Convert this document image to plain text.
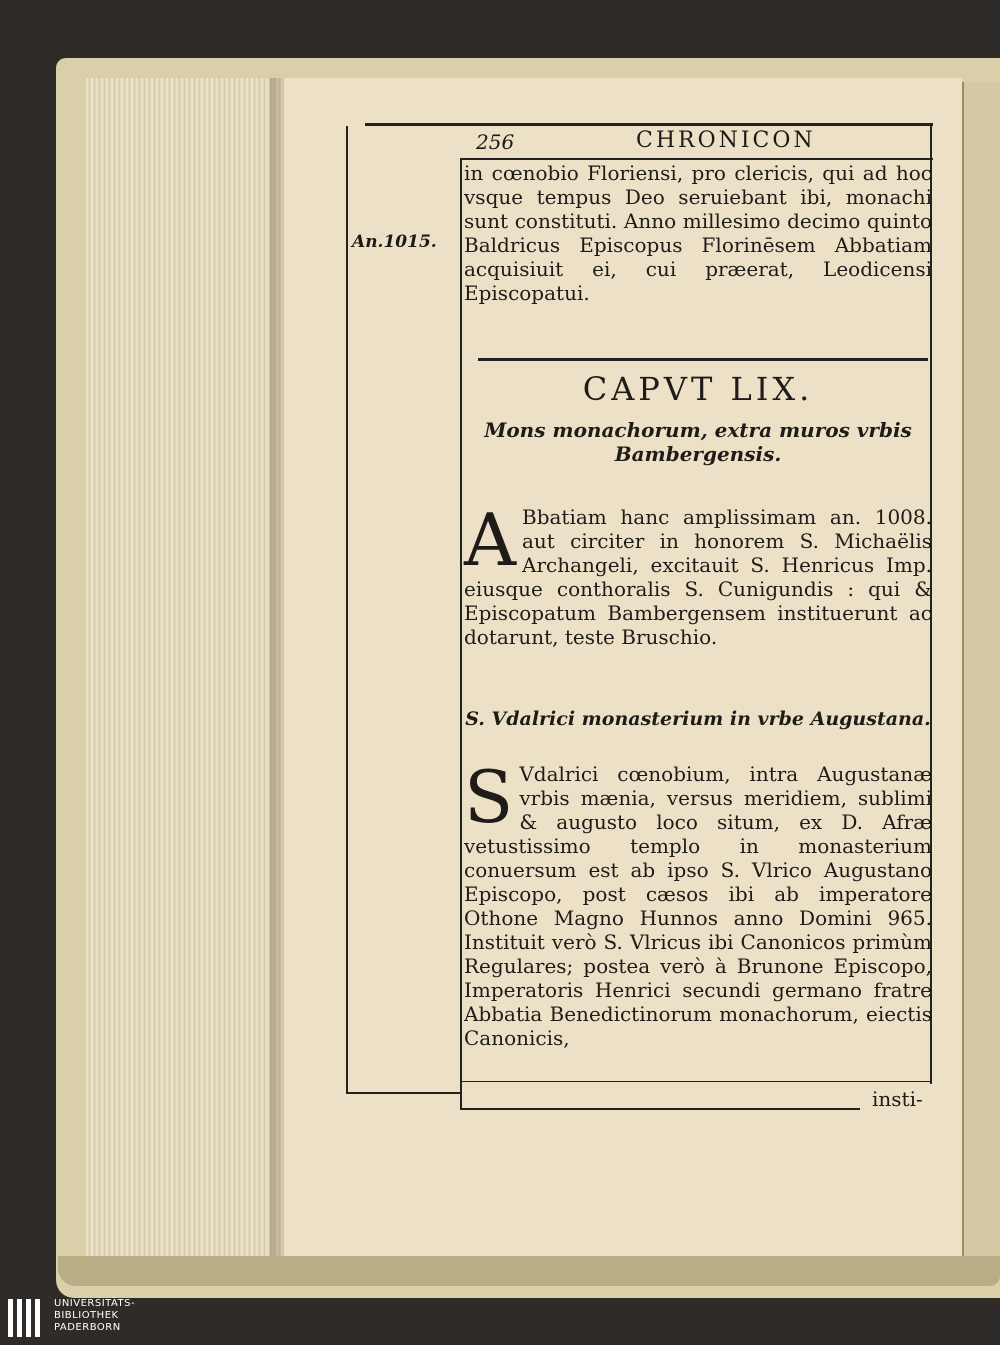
256	CHRONICON
An.1015.
in cœnobio Floriensi, pro clericis, qui ad hoc vsque tempus Deo seruiebant ibi, monachi sunt constituti. Anno millesimo decimo quinto Baldricus Episcopus Florinēsem Abbatiam acquisiuit ei, cui præerat, Leodicensi Episcopatui.
CAPVT LIX.
Mons monachorum, extra muros vrbis Bambergensis.
A Bbatiam hanc amplissimam an. 1008. aut circiter in honorem S. Michaëlis Archangeli, excitauit S. Henricus Imp. eiusque conthoralis S. Cunigundis : qui & Episcopatum Bambergensem instituerunt ac dotarunt, teste Bruschio.
S. Vdalrici monasterium in vrbe Augustana.
S Vdalrici cœnobium, intra Augustanæ vrbis mænia, versus meridiem, sublimi & augusto loco situm, ex D. Afræ vetustissimo templo in monasterium conuersum est ab ipso S. Vlrico Augustano Episcopo, post cæsos ibi ab imperatore Othone Magno Hunnos anno Domini 965. Instituit verò S. Vlricus ibi Canonicos primùm Regulares; postea verò à Brunone Episcopo, Imperatoris Henrici secundi germano fratre Abbatia Benedictinorum monachorum, eiectis Canonicis,
insti-
UNIVERSITÄTS-
BIBLIOTHEK
PADERBORN
